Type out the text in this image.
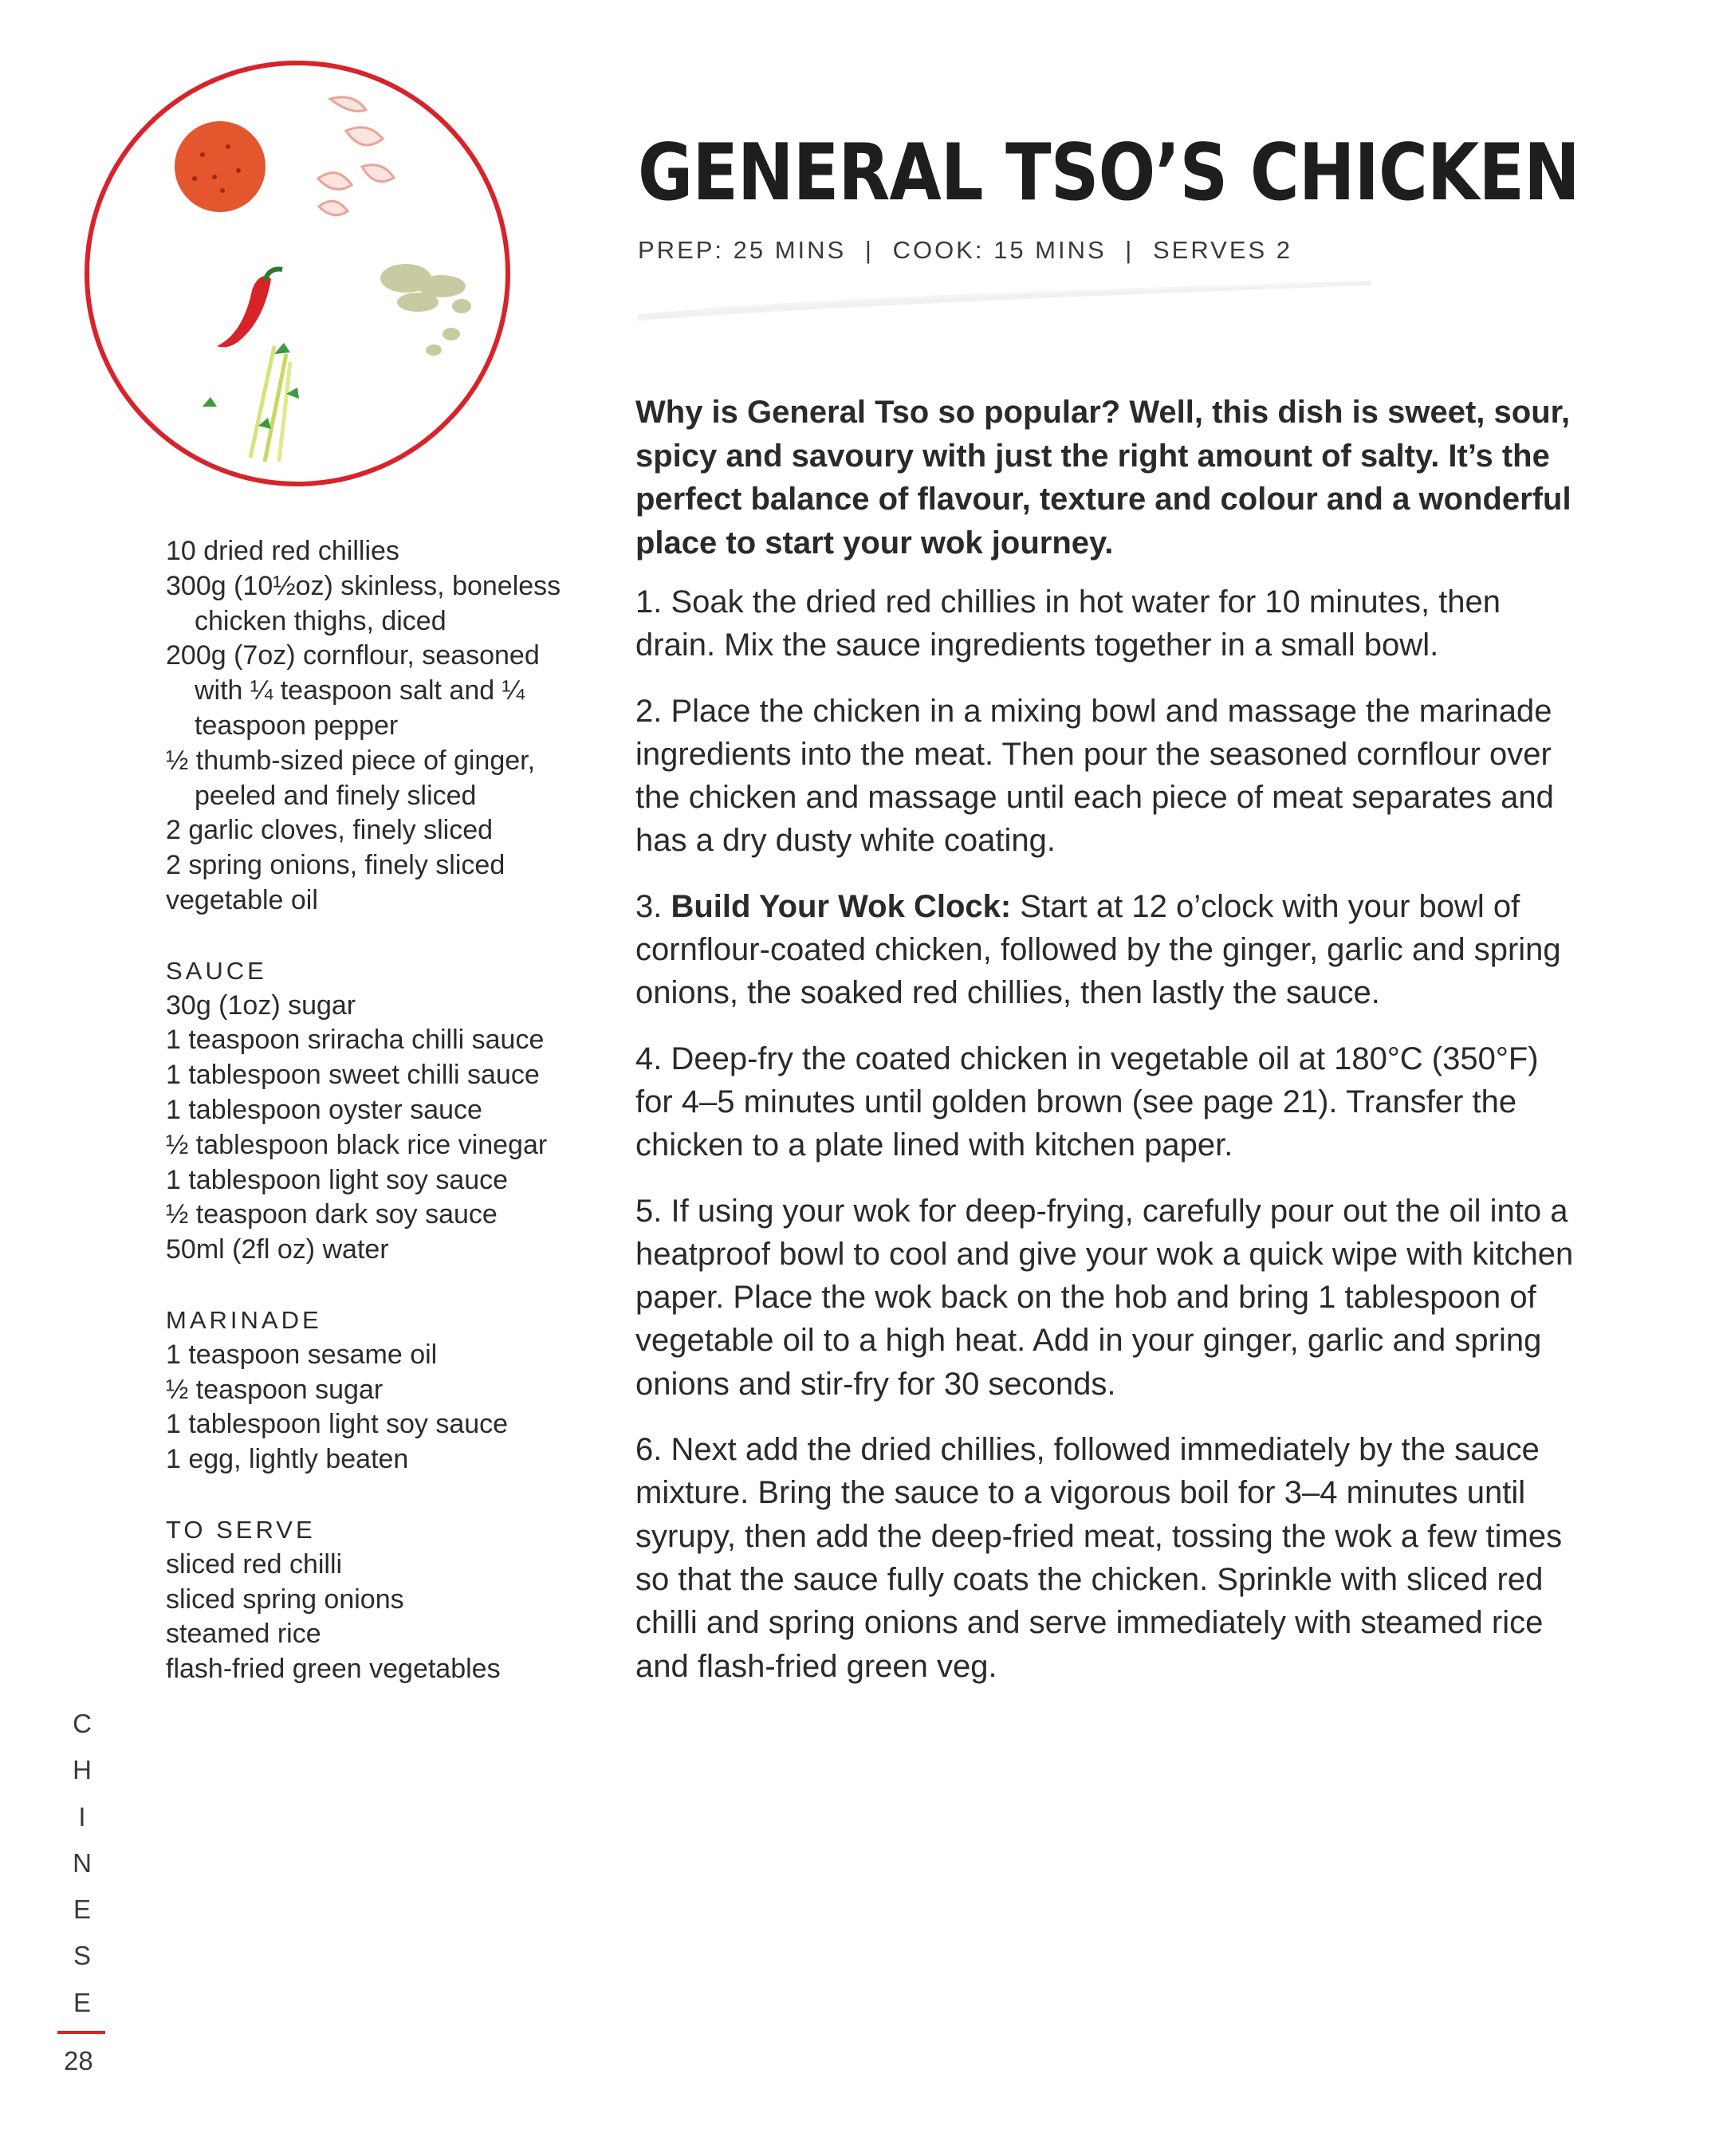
GENERAL TSO’S CHICKEN
PREP: 25 MINS | COOK: 15 MINS | SERVES 2
10 dried red chillies
300g (10½oz) skinless, boneless chicken thighs, diced
200g (7oz) cornflour, seasoned with ¼ teaspoon salt and ¼ teaspoon pepper
½ thumb-sized piece of ginger, peeled and finely sliced
2 garlic cloves, finely sliced
2 spring onions, finely sliced
vegetable oil
SAUCE
30g (1oz) sugar
1 teaspoon sriracha chilli sauce
1 tablespoon sweet chilli sauce
1 tablespoon oyster sauce
½ tablespoon black rice vinegar
1 tablespoon light soy sauce
½ teaspoon dark soy sauce
50ml (2fl oz) water
MARINADE
1 teaspoon sesame oil
½ teaspoon sugar
1 tablespoon light soy sauce
1 egg, lightly beaten
TO SERVE
sliced red chilli
sliced spring onions
steamed rice
flash-fried green vegetables

Why is General Tso so popular? Well, this dish is sweet, sour, spicy and savoury with just the right amount of salty. It’s the perfect balance of flavour, texture and colour and a wonderful place to start your wok journey.

1. Soak the dried red chillies in hot water for 10 minutes, then drain. Mix the sauce ingredients together in a small bowl.

2. Place the chicken in a mixing bowl and massage the marinade ingredients into the meat. Then pour the seasoned cornflour over the chicken and massage until each piece of meat separates and has a dry dusty white coating.

3. Build Your Wok Clock: Start at 12 o’clock with your bowl of cornflour-coated chicken, followed by the ginger, garlic and spring onions, the soaked red chillies, then lastly the sauce.

4. Deep-fry the coated chicken in vegetable oil at 180°C (350°F) for 4–5 minutes until golden brown (see page 21). Transfer the chicken to a plate lined with kitchen paper.

5. If using your wok for deep-frying, carefully pour out the oil into a heatproof bowl to cool and give your wok a quick wipe with kitchen paper. Place the wok back on the hob and bring 1 tablespoon of vegetable oil to a high heat. Add in your ginger, garlic and spring onions and stir-fry for 30 seconds.

6. Next add the dried chillies, followed immediately by the sauce mixture. Bring the sauce to a vigorous boil for 3–4 minutes until syrupy, then add the deep-fried meat, tossing the wok a few times so that the sauce fully coats the chicken. Sprinkle with sliced red chilli and spring onions and serve immediately with steamed rice and flash-fried green veg.

C
H
I
N
E
S
E
28
